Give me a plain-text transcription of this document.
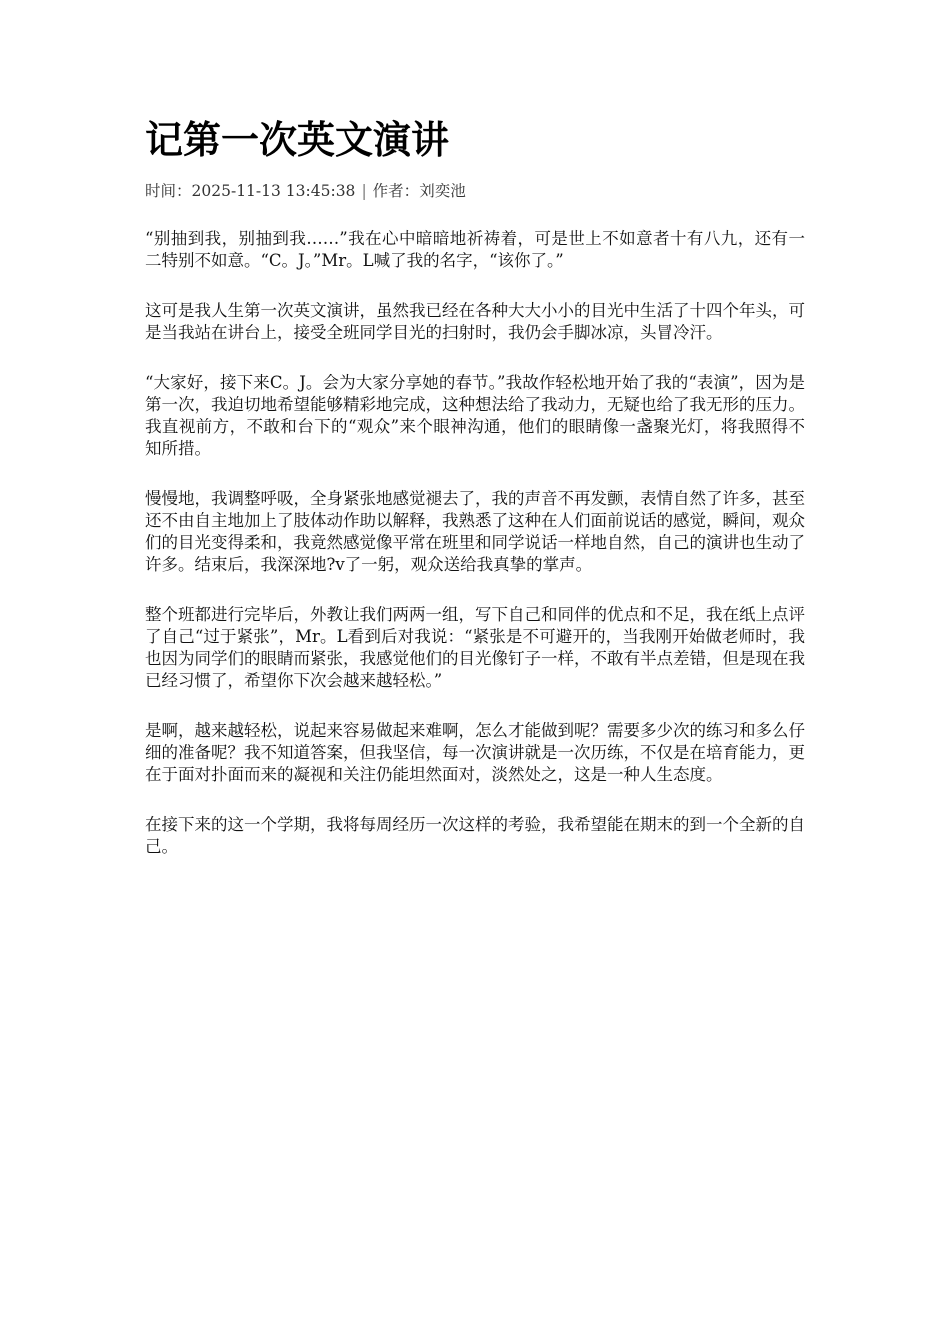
记第一次英文演讲
时间：2025-11-13 13:45:38 | 作者：刘奕池

“别抽到我，别抽到我……”我在心中暗暗地祈祷着，可是世上不如意者十有八九，还有一二特别不如意。“C。J。”Mr。L喊了我的名字，“该你了。”

这可是我人生第一次英文演讲，虽然我已经在各种大大小小的目光中生活了十四个年头，可是当我站在讲台上，接受全班同学目光的扫射时，我仍会手脚冰凉，头冒冷汗。

“大家好，接下来C。J。会为大家分享她的春节。”我故作轻松地开始了我的“表演”，因为是第一次，我迫切地希望能够精彩地完成，这种想法给了我动力，无疑也给了我无形的压力。我直视前方，不敢和台下的“观众”来个眼神沟通，他们的眼睛像一盏聚光灯，将我照得不知所措。

慢慢地，我调整呼吸，全身紧张地感觉褪去了，我的声音不再发颤，表情自然了许多，甚至还不由自主地加上了肢体动作助以解释，我熟悉了这种在人们面前说话的感觉，瞬间，观众们的目光变得柔和，我竟然感觉像平常在班里和同学说话一样地自然，自己的演讲也生动了许多。结束后，我深深地?v了一躬，观众送给我真挚的掌声。

整个班都进行完毕后，外教让我们两两一组，写下自己和同伴的优点和不足，我在纸上点评了自己“过于紧张”，Mr。L看到后对我说：“紧张是不可避开的，当我刚开始做老师时，我也因为同学们的眼睛而紧张，我感觉他们的目光像钉子一样，不敢有半点差错，但是现在我已经习惯了，希望你下次会越来越轻松。”

是啊，越来越轻松，说起来容易做起来难啊，怎么才能做到呢？需要多少次的练习和多么仔细的准备呢？我不知道答案，但我坚信，每一次演讲就是一次历练，不仅是在培育能力，更在于面对扑面而来的凝视和关注仍能坦然面对，淡然处之，这是一种人生态度。

在接下来的这一个学期，我将每周经历一次这样的考验，我希望能在期末的到一个全新的自己。
